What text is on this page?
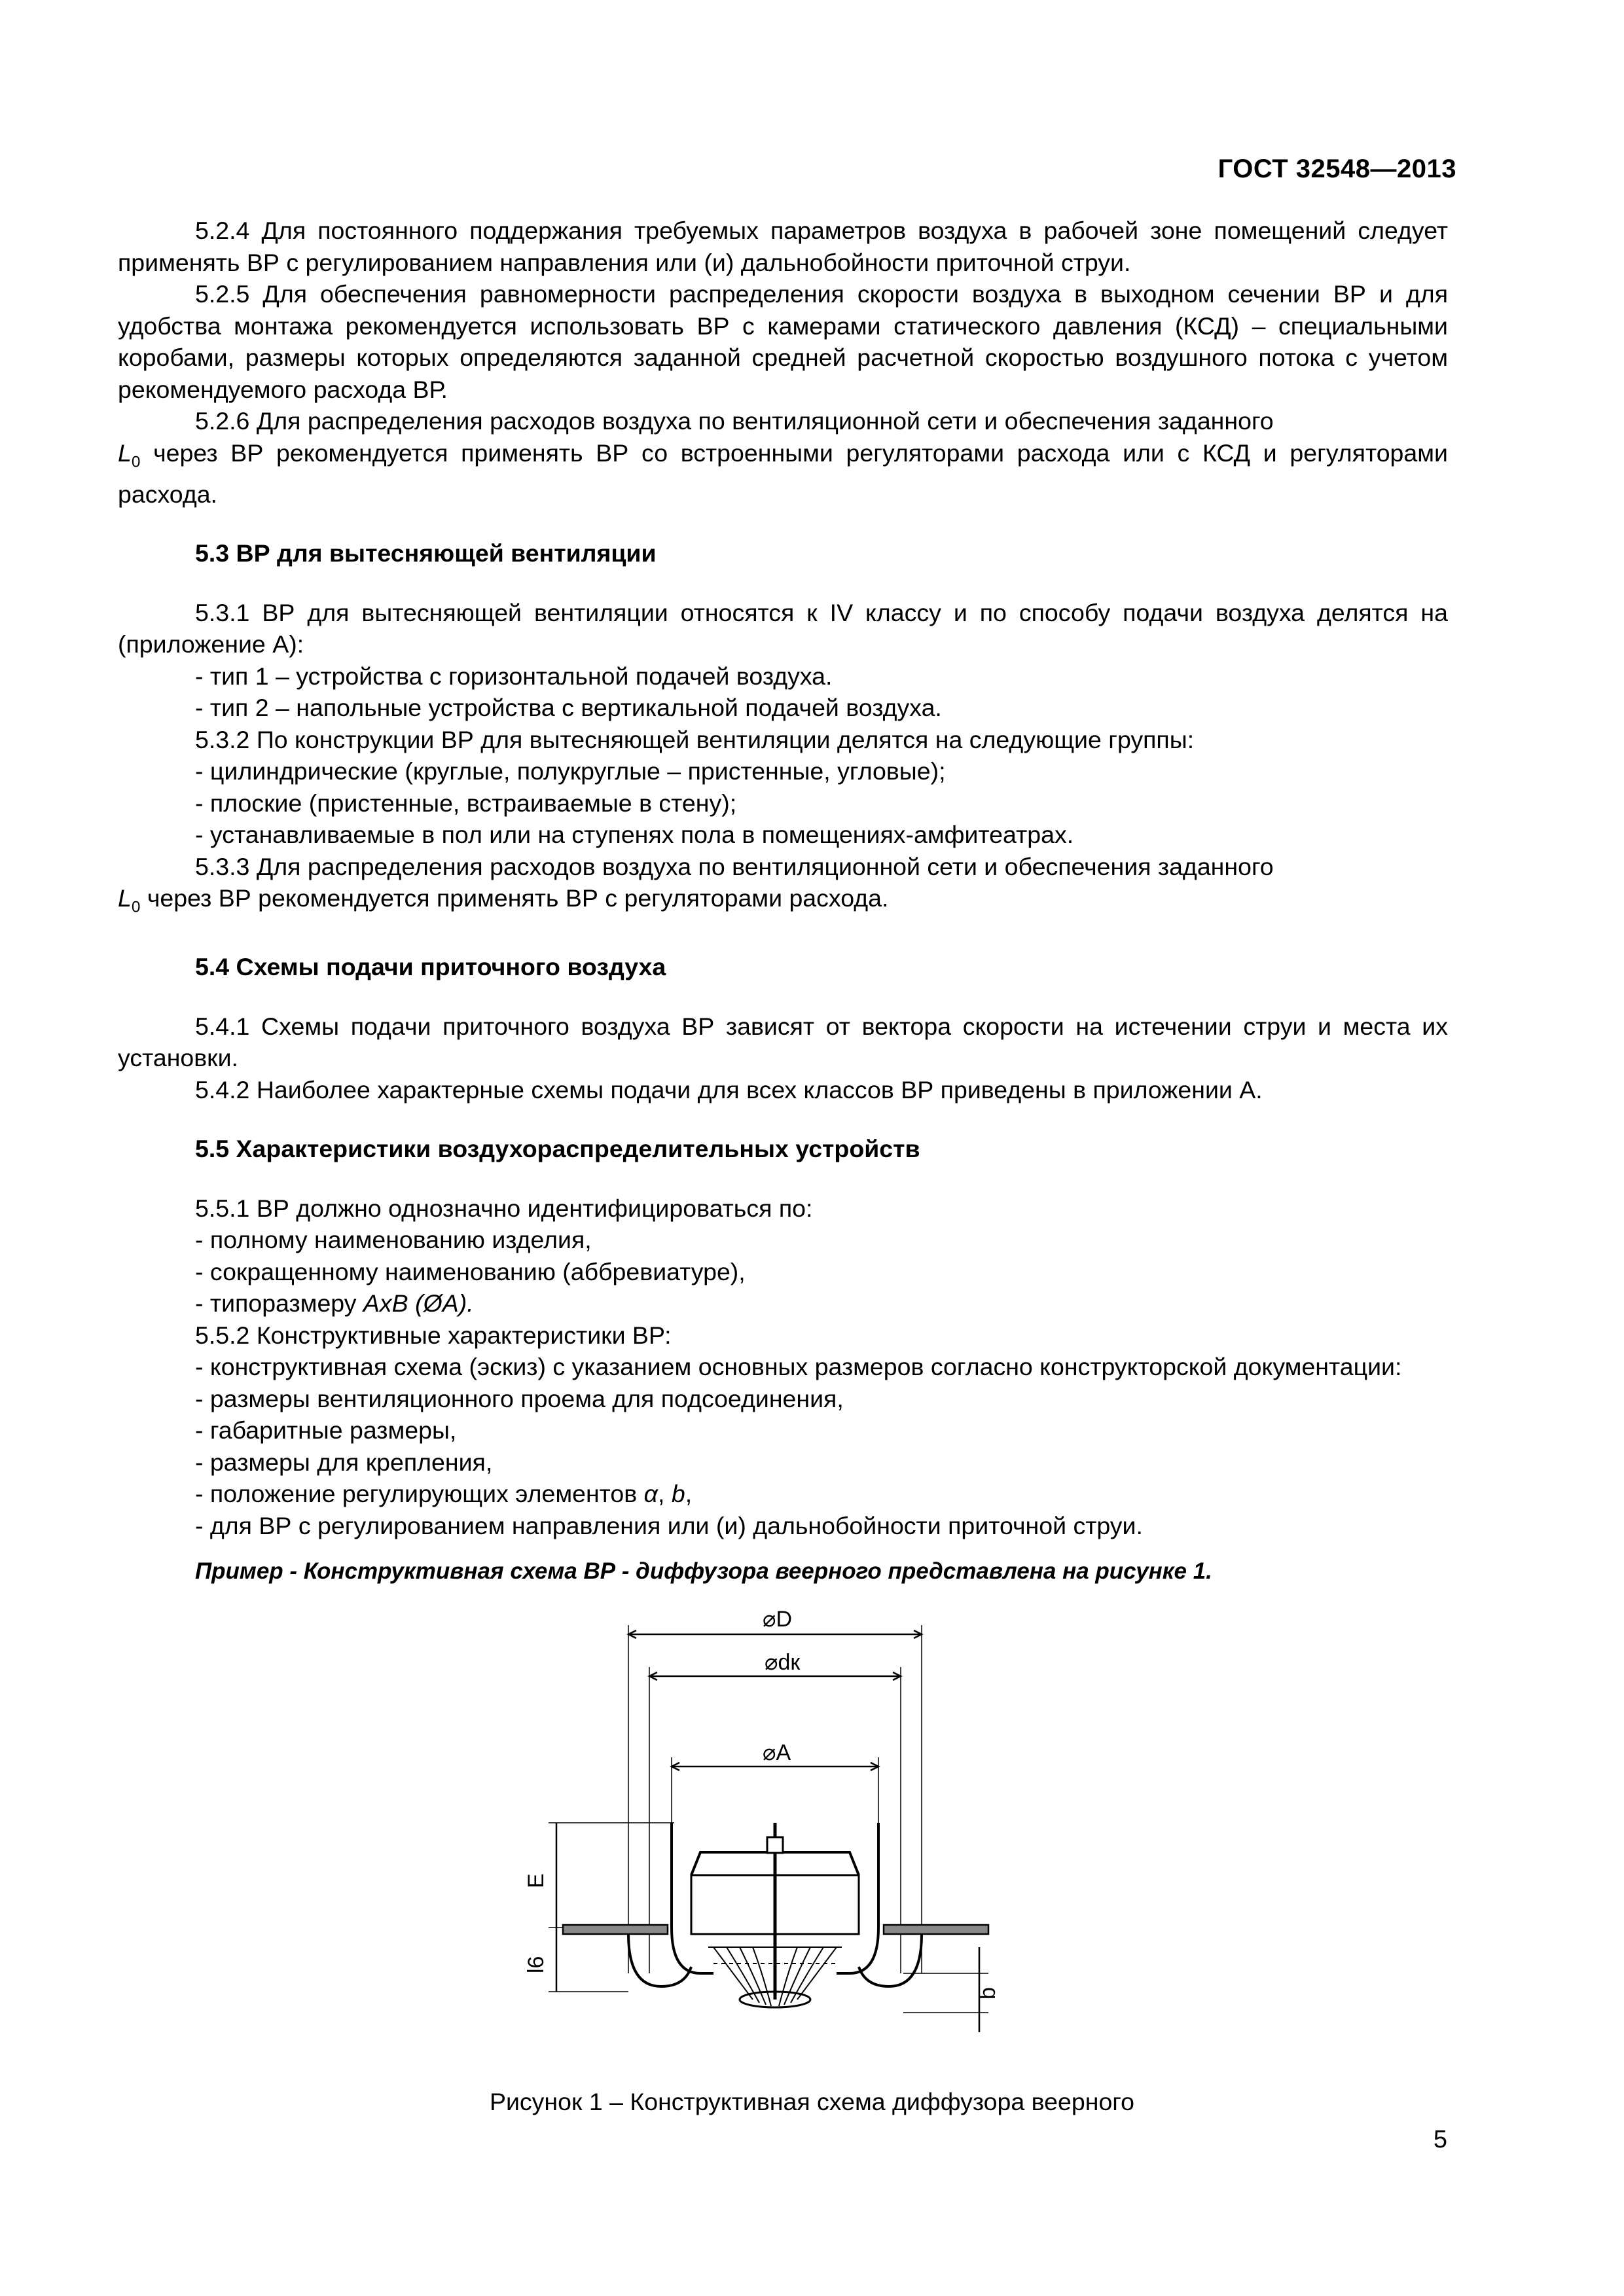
ГОСТ 32548—2013

5.2.4 Для постоянного поддержания требуемых параметров воздуха в рабочей зоне помещений следует применять ВР с регулированием направления или (и) дальнобойности приточной струи.

5.2.5 Для обеспечения равномерности распределения скорости воздуха в выходном сечении ВР и для удобства монтажа рекомендуется использовать ВР с камерами статического давления (КСД) – специальными коробами, размеры которых определяются заданной средней расчетной скоростью воздушного потока с учетом рекомендуемого расхода ВР.

5.2.6 Для распределения расходов воздуха по вентиляционной сети и обеспечения заданного
$L_0$ через ВР рекомендуется применять ВР со встроенными регуляторами расхода или с КСД и регуляторами расхода.

5.3 ВР для вытесняющей вентиляции

5.3.1 ВР для вытесняющей вентиляции относятся к IV классу и по способу подачи воздуха делятся на (приложение А):

- тип 1 – устройства с горизонтальной подачей воздуха.

- тип 2 – напольные устройства с вертикальной подачей воздуха.

5.3.2 По конструкции ВР для вытесняющей вентиляции делятся на следующие группы:

- цилиндрические (круглые, полукруглые – пристенные, угловые);

- плоские (пристенные, встраиваемые в стену);

- устанавливаемые в пол или на ступенях пола в помещениях-амфитеатрах.

5.3.3 Для распределения расходов воздуха по вентиляционной сети и обеспечения заданного
$L_0$ через ВР рекомендуется применять ВР с регуляторами расхода.

5.4 Схемы подачи приточного воздуха

5.4.1 Схемы подачи приточного воздуха ВР зависят от вектора скорости на истечении струи и места их установки.

5.4.2 Наиболее характерные схемы подачи для всех классов ВР приведены в приложении А.

5.5 Характеристики воздухораспределительных устройств

5.5.1 ВР должно однозначно идентифицироваться по:

- полному наименованию изделия,

- сокращенному наименованию (аббревиатуре),

- типоразмеру АхВ (ØА).

5.5.2 Конструктивные характеристики ВР:

- конструктивная схема (эскиз) с указанием основных размеров согласно конструкторской документации:

- размеры вентиляционного проема для подсоединения,

- габаритные размеры,

- размеры для крепления,

- положение регулирующих элементов α, b,

- для ВР с регулированием направления или (и) дальнобойности приточной струи.

Пример - Конструктивная схема ВР - диффузора веерного представлена на рисунке 1.

⌀D
⌀dк
⌀A
E
l6
b
Рисунок 1 – Конструктивная схема диффузора веерного
5
